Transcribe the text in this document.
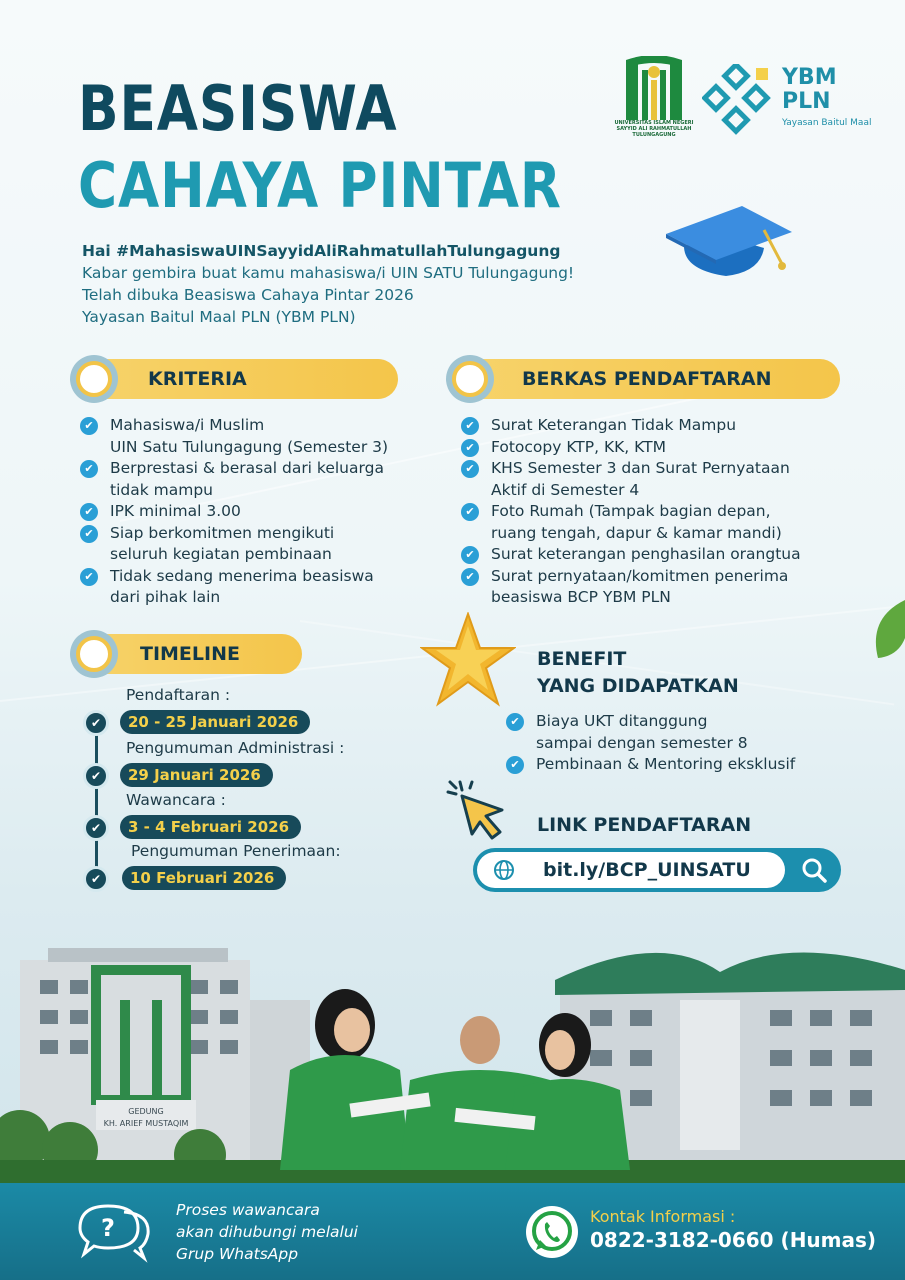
BEASISWA
CAHAYA PINTAR
Hai #MahasiswaUINSayyidAliRahmatullahTulungagung
Kabar gembira buat kamu mahasiswa/i UIN SATU Tulungagung!
Telah dibuka Beasiswa Cahaya Pintar 2026
Yayasan Baitul Maal PLN (YBM PLN)
UNIVERSITAS ISLAM NEGERI SAYYID ALI RAHMATULLAH TULUNGAGUNG
YBM
PLN
Yayasan Baitul Maal
KRITERIA
✔ Mahasiswa/i Muslim
UIN Satu Tulungagung (Semester 3)
✔ Berprestasi & berasal dari keluarga
tidak mampu
✔ IPK minimal 3.00
✔ Siap berkomitmen mengikuti
seluruh kegiatan pembinaan
✔ Tidak sedang menerima beasiswa
dari pihak lain
BERKAS PENDAFTARAN
✔ Surat Keterangan Tidak Mampu
✔ Fotocopy KTP, KK, KTM
✔ KHS Semester 3 dan Surat Pernyataan
Aktif di Semester 4
✔ Foto Rumah (Tampak bagian depan,
ruang tengah, dapur & kamar mandi)
✔ Surat keterangan penghasilan orangtua
✔ Surat pernyataan/komitmen penerima
beasiswa BCP YBM PLN
TIMELINE
✔
Pendaftaran :
20 - 25 Januari 2026
✔
Pengumuman Administrasi :
29 Januari 2026
✔
Wawancara :
3 - 4 Februari 2026
✔
Pengumuman Penerimaan:
10 Februari 2026
BENEFIT
YANG DIDAPATKAN
✔ Biaya UKT ditanggung
sampai dengan semester 8
✔ Pembinaan & Mentoring eksklusif
LINK PENDAFTARAN
bit.ly/BCP_UINSATU
GEDUNG
KH. ARIEF MUSTAQIM
?
Proses wawancara
akan dihubungi melalui
Grup WhatsApp
Kontak Informasi :
0822-3182-0660 (Humas)
